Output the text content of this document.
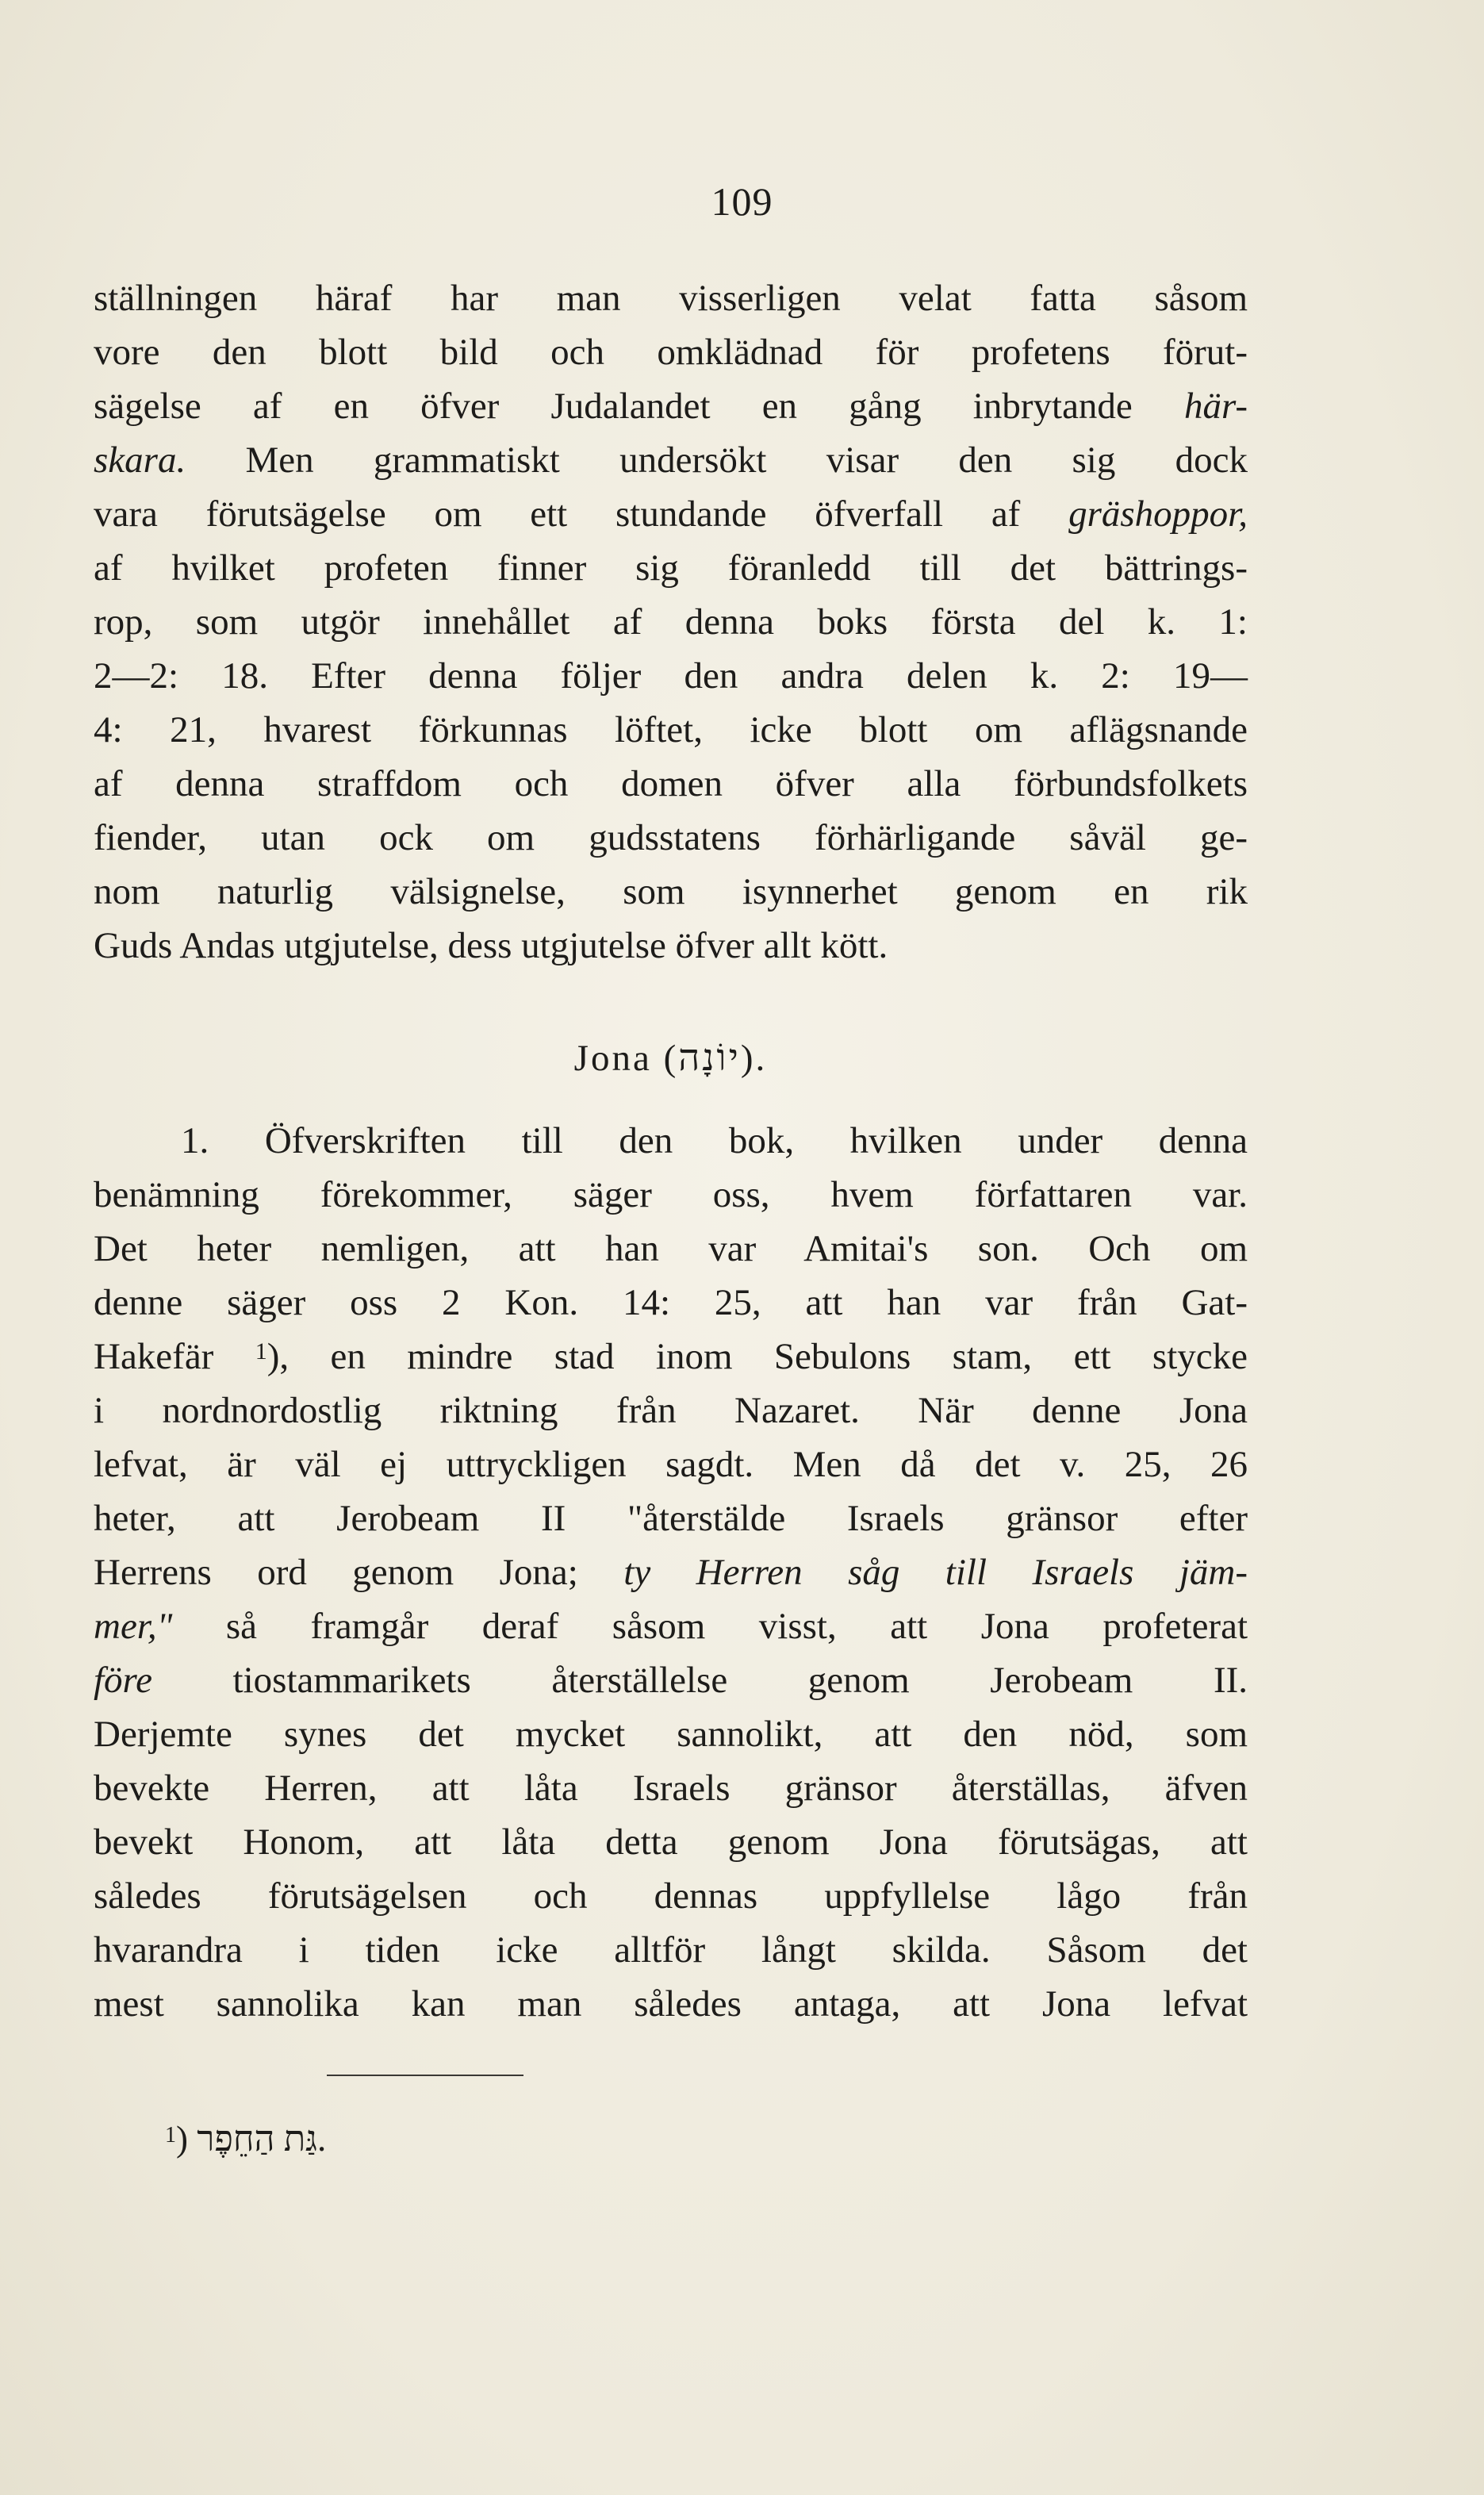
109
ställningen häraf har man visserligen velat fatta såsom
vore den blott bild och omklädnad för profetens förut-
sägelse af en öfver Judalandet en gång inbrytande här-
skara. Men grammatiskt undersökt visar den sig dock
vara förutsägelse om ett stundande öfverfall af gräshoppor,
af hvilket profeten finner sig föranledd till det bättrings-
rop, som utgör innehållet af denna boks första del k. 1:
2—2: 18. Efter denna följer den andra delen k. 2: 19—
4: 21, hvarest förkunnas löftet, icke blott om aflägsnande
af denna straffdom och domen öfver alla förbundsfolkets
fiender, utan ock om gudsstatens förhärligande såväl ge-
nom naturlig välsignelse, som isynnerhet genom en rik
Guds Andas utgjutelse, dess utgjutelse öfver allt kött.
Jona (יוֹנָה).
1. Öfverskriften till den bok, hvilken under denna
benämning förekommer, säger oss, hvem författaren var.
Det heter nemligen, att han var Amitai's son. Och om
denne säger oss 2 Kon. 14: 25, att han var från Gat-
Hakefär $^1$), en mindre stad inom Sebulons stam, ett stycke
i nordnordostlig riktning från Nazaret. När denne Jona
lefvat, är väl ej uttryckligen sagdt. Men då det v. 25, 26
heter, att Jerobeam II "återstälde Israels gränsor efter
Herrens ord genom Jona; ty Herren såg till Israels jäm-
mer," så framgår deraf såsom visst, att Jona profeterat
före tiostammarikets återställelse genom Jerobeam II.
Derjemte synes det mycket sannolikt, att den nöd, som
bevekte Herren, att låta Israels gränsor återställas, äfven
bevekt Honom, att låta detta genom Jona förutsägas, att
således förutsägelsen och dennas uppfyllelse lågo från
hvarandra i tiden icke alltför långt skilda. Såsom det
mest sannolika kan man således antaga, att Jona lefvat
$^1$) גַּת הַחֵפֶר.
